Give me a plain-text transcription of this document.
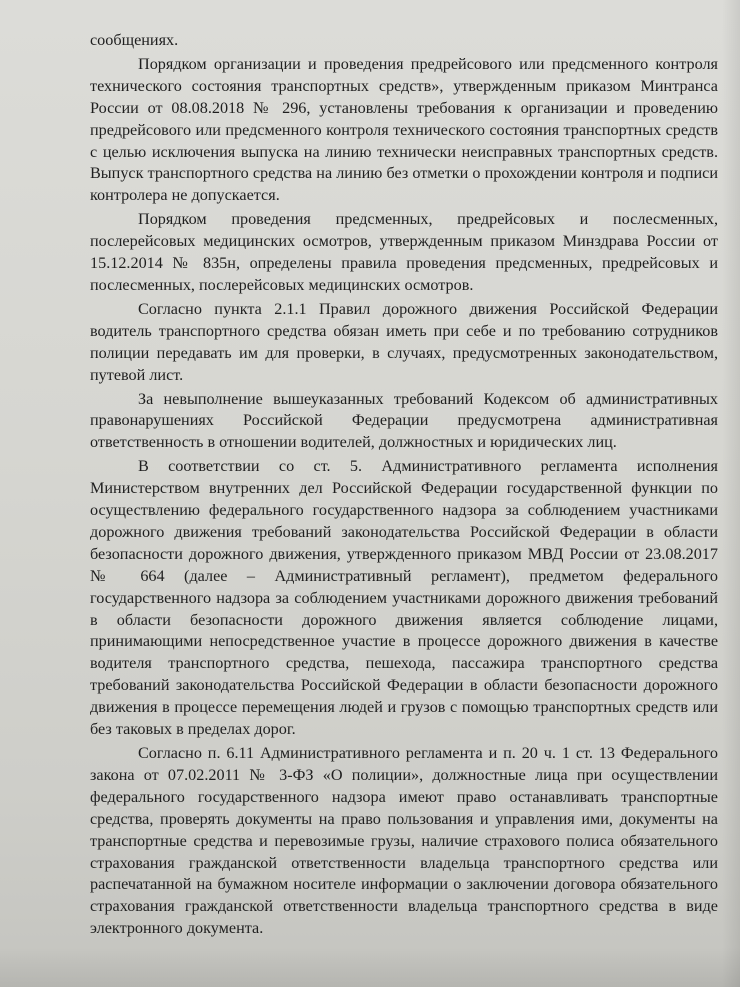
сообщениях.

Порядком организации и проведения предрейсового или предсменного контроля технического состояния транспортных средств», утвержденным приказом Минтранса России от 08.08.2018 № 296, установлены требования к организации и проведению предрейсового или предсменного контроля технического состояния транспортных средств с целью исключения выпуска на линию технически неисправных транспортных средств. Выпуск транспортного средства на линию без отметки о прохождении контроля и подписи контролера не допускается.

Порядком проведения предсменных, предрейсовых и послесменных, послерейсовых медицинских осмотров, утвержденным приказом Минздрава России от 15.12.2014 № 835н, определены правила проведения предсменных, предрейсовых и послесменных, послерейсовых медицинских осмотров.

Согласно пункта 2.1.1 Правил дорожного движения Российской Федерации водитель транспортного средства обязан иметь при себе и по требованию сотрудников полиции передавать им для проверки, в случаях, предусмотренных законодательством, путевой лист.

За невыполнение вышеуказанных требований Кодексом об административных правонарушениях Российской Федерации предусмотрена административная ответственность в отношении водителей, должностных и юридических лиц.

В соответствии со ст. 5. Административного регламента исполнения Министерством внутренних дел Российской Федерации государственной функции по осуществлению федерального государственного надзора за соблюдением участниками дорожного движения требований законодательства Российской Федерации в области безопасности дорожного движения, утвержденного приказом МВД России от 23.08.2017 № 664 (далее – Административный регламент), предметом федерального государственного надзора за соблюдением участниками дорожного движения требований в области безопасности дорожного движения является соблюдение лицами, принимающими непосредственное участие в процессе дорожного движения в качестве водителя транспортного средства, пешехода, пассажира транспортного средства требований законодательства Российской Федерации в области безопасности дорожного движения в процессе перемещения людей и грузов с помощью транспортных средств или без таковых в пределах дорог.

Согласно п. 6.11 Административного регламента и п. 20 ч. 1 ст. 13 Федерального закона от 07.02.2011 № 3-ФЗ «О полиции», должностные лица при осуществлении федерального государственного надзора имеют право останавливать транспортные средства, проверять документы на право пользования и управления ими, документы на транспортные средства и перевозимые грузы, наличие страхового полиса обязательного страхования гражданской ответственности владельца транспортного средства или распечатанной на бумажном носителе информации о заключении договора обязательного страхования гражданской ответственности владельца транспортного средства в виде электронного документа.
